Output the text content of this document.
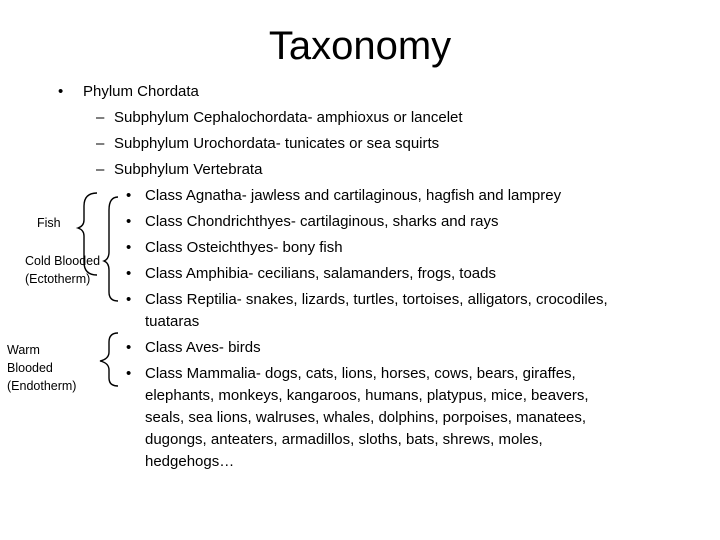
Taxonomy
• Phylum Chordata
– Subphylum Cephalochordata- amphioxus or lancelet
– Subphylum Urochordata- tunicates or sea squirts
– Subphylum Vertebrata
• Class Agnatha- jawless and cartilaginous, hagfish and lamprey
• Class Chondrichthyes- cartilaginous, sharks and rays
• Class Osteichthyes- bony fish
• Class Amphibia- cecilians, salamanders, frogs, toads
• Class Reptilia- snakes, lizards, turtles, tortoises, alligators, crocodiles,
tuataras
• Class Aves- birds
• Class Mammalia- dogs, cats, lions, horses, cows, bears, giraffes,
elephants, monkeys, kangaroos, humans, platypus, mice, beavers,
seals, sea lions, walruses, whales, dolphins, porpoises, manatees,
dugongs, anteaters, armadillos, sloths, bats, shrews, moles,
hedgehogs…
Fish
Cold Blooded
(Ectotherm)
Warm
Blooded
(Endotherm)
